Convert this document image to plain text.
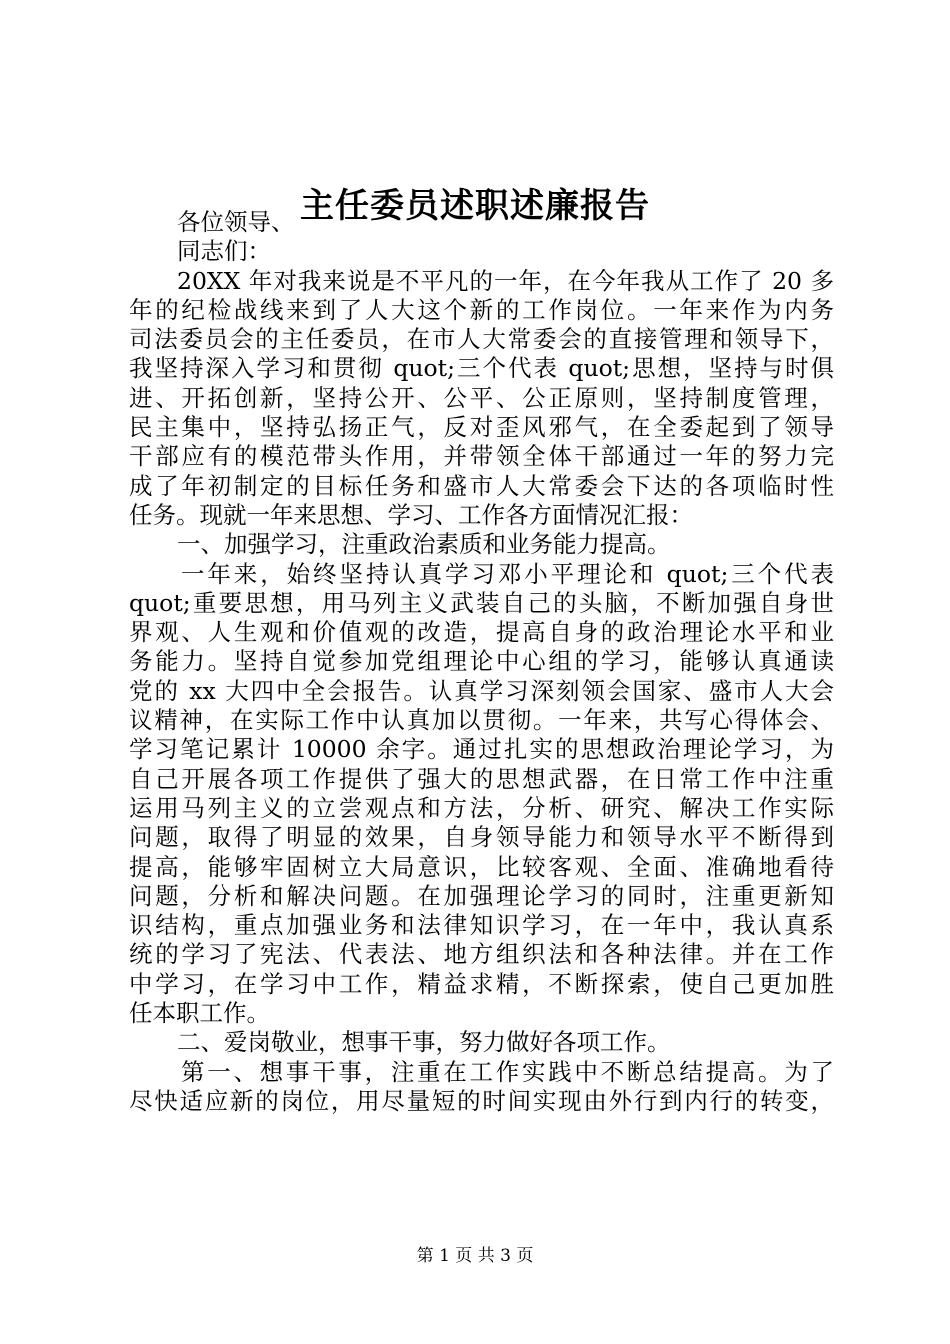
主任委员述职述廉报告
各位领导、
同志们：
20XX 年对我来说是不平凡的一年，在今年我从工作了 20 多
年的纪检战线来到了人大这个新的工作岗位。一年来作为内务
司法委员会的主任委员，在市人大常委会的直接管理和领导下，
我坚持深入学习和贯彻 quot;三个代表 quot;思想，坚持与时俱
进、开拓创新，坚持公开、公平、公正原则，坚持制度管理，
民主集中，坚持弘扬正气，反对歪风邪气，在全委起到了领导
干部应有的模范带头作用，并带领全体干部通过一年的努力完
成了年初制定的目标任务和盛市人大常委会下达的各项临时性
任务。现就一年来思想、学习、工作各方面情况汇报：
一、加强学习，注重政治素质和业务能力提高。
一年来，始终坚持认真学习邓小平理论和 quot;三个代表
quot;重要思想，用马列主义武装自己的头脑，不断加强自身世
界观、人生观和价值观的改造，提高自身的政治理论水平和业
务能力。坚持自觉参加党组理论中心组的学习，能够认真通读
党的 xx 大四中全会报告。认真学习深刻领会国家、盛市人大会
议精神，在实际工作中认真加以贯彻。一年来，共写心得体会、
学习笔记累计 10000 余字。通过扎实的思想政治理论学习，为
自己开展各项工作提供了强大的思想武器，在日常工作中注重
运用马列主义的立尝观点和方法，分析、研究、解决工作实际
问题，取得了明显的效果，自身领导能力和领导水平不断得到
提高，能够牢固树立大局意识，比较客观、全面、准确地看待
问题，分析和解决问题。在加强理论学习的同时，注重更新知
识结构，重点加强业务和法律知识学习，在一年中，我认真系
统的学习了宪法、代表法、地方组织法和各种法律。并在工作
中学习，在学习中工作，精益求精，不断探索，使自己更加胜
任本职工作。
二、爱岗敬业，想事干事，努力做好各项工作。
第一、想事干事，注重在工作实践中不断总结提高。为了
尽快适应新的岗位，用尽量短的时间实现由外行到内行的转变，
第 1 页 共 3 页
